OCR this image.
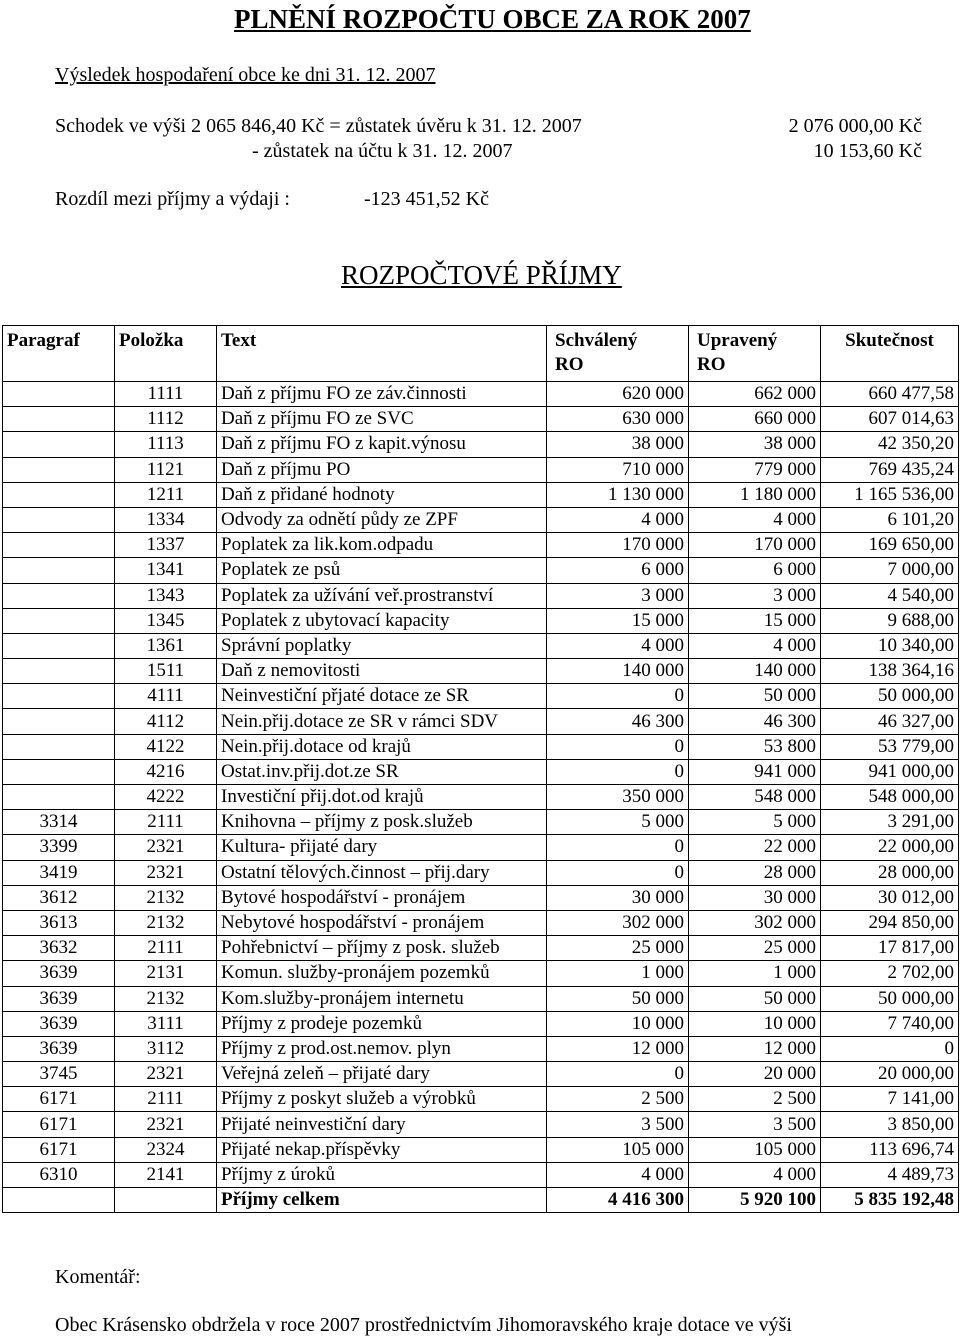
PLNĚNÍ ROZPOČTU OBCE ZA ROK 2007
Výsledek hospodaření obce ke dni 31. 12. 2007
Schodek ve výši 2 065 846,40 Kč = zůstatek úvěru k 31. 12. 2007	2 076 000,00 Kč
- zůstatek na účtu k 31. 12. 2007	10 153,60 Kč
Rozdíl mezi příjmy a výdaji :	-123 451,52 Kč
ROZPOČTOVÉ PŘÍJMY
Paragraf	Položka	Text	Schválený RO	Upravený RO	Skutečnost
	1111	Daň z příjmu FO ze záv.činnosti	620 000	662 000	660 477,58
	1112	Daň z příjmu FO ze SVC	630 000	660 000	607 014,63
	1113	Daň z příjmu FO z kapit.výnosu	38 000	38 000	42 350,20
	1121	Daň z příjmu PO	710 000	779 000	769 435,24
	1211	Daň z přidané hodnoty	1 130 000	1 180 000	1 165 536,00
	1334	Odvody za odnětí půdy ze ZPF	4 000	4 000	6 101,20
	1337	Poplatek za lik.kom.odpadu	170 000	170 000	169 650,00
	1341	Poplatek ze psů	6 000	6 000	7 000,00
	1343	Poplatek za užívání veř.prostranství	3 000	3 000	4 540,00
	1345	Poplatek z ubytovací kapacity	15 000	15 000	9 688,00
	1361	Správní poplatky	4 000	4 000	10 340,00
	1511	Daň z nemovitosti	140 000	140 000	138 364,16
	4111	Neinvestiční přjaté dotace ze SR	0	50 000	50 000,00
	4112	Nein.přij.dotace ze SR v rámci SDV	46 300	46 300	46 327,00
	4122	Nein.přij.dotace od krajů	0	53 800	53 779,00
	4216	Ostat.inv.přij.dot.ze SR	0	941 000	941 000,00
	4222	Investiční přij.dot.od krajů	350 000	548 000	548 000,00
3314	2111	Knihovna – příjmy z posk.služeb	5 000	5 000	3 291,00
3399	2321	Kultura- přijaté dary	0	22 000	22 000,00
3419	2321	Ostatní tělových.činnost – přij.dary	0	28 000	28 000,00
3612	2132	Bytové hospodářství - pronájem	30 000	30 000	30 012,00
3613	2132	Nebytové hospodářství - pronájem	302 000	302 000	294 850,00
3632	2111	Pohřebnictví – příjmy z posk. služeb	25 000	25 000	17 817,00
3639	2131	Komun. služby-pronájem pozemků	1 000	1 000	2 702,00
3639	2132	Kom.služby-pronájem internetu	50 000	50 000	50 000,00
3639	3111	Příjmy z prodeje pozemků	10 000	10 000	7 740,00
3639	3112	Příjmy z prod.ost.nemov. plyn	12 000	12 000	0
3745	2321	Veřejná zeleň – přijaté dary	0	20 000	20 000,00
6171	2111	Příjmy z poskyt služeb a výrobků	2 500	2 500	7 141,00
6171	2321	Přijaté neinvestiční dary	3 500	3 500	3 850,00
6171	2324	Přijaté nekap.příspěvky	105 000	105 000	113 696,74
6310	2141	Příjmy z úroků	4 000	4 000	4 489,73
		Příjmy celkem	4 416 300	5 920 100	5 835 192,48
Komentář:
Obec Krásensko obdržela v roce 2007 prostřednictvím Jihomoravského kraje dotace ve výši
